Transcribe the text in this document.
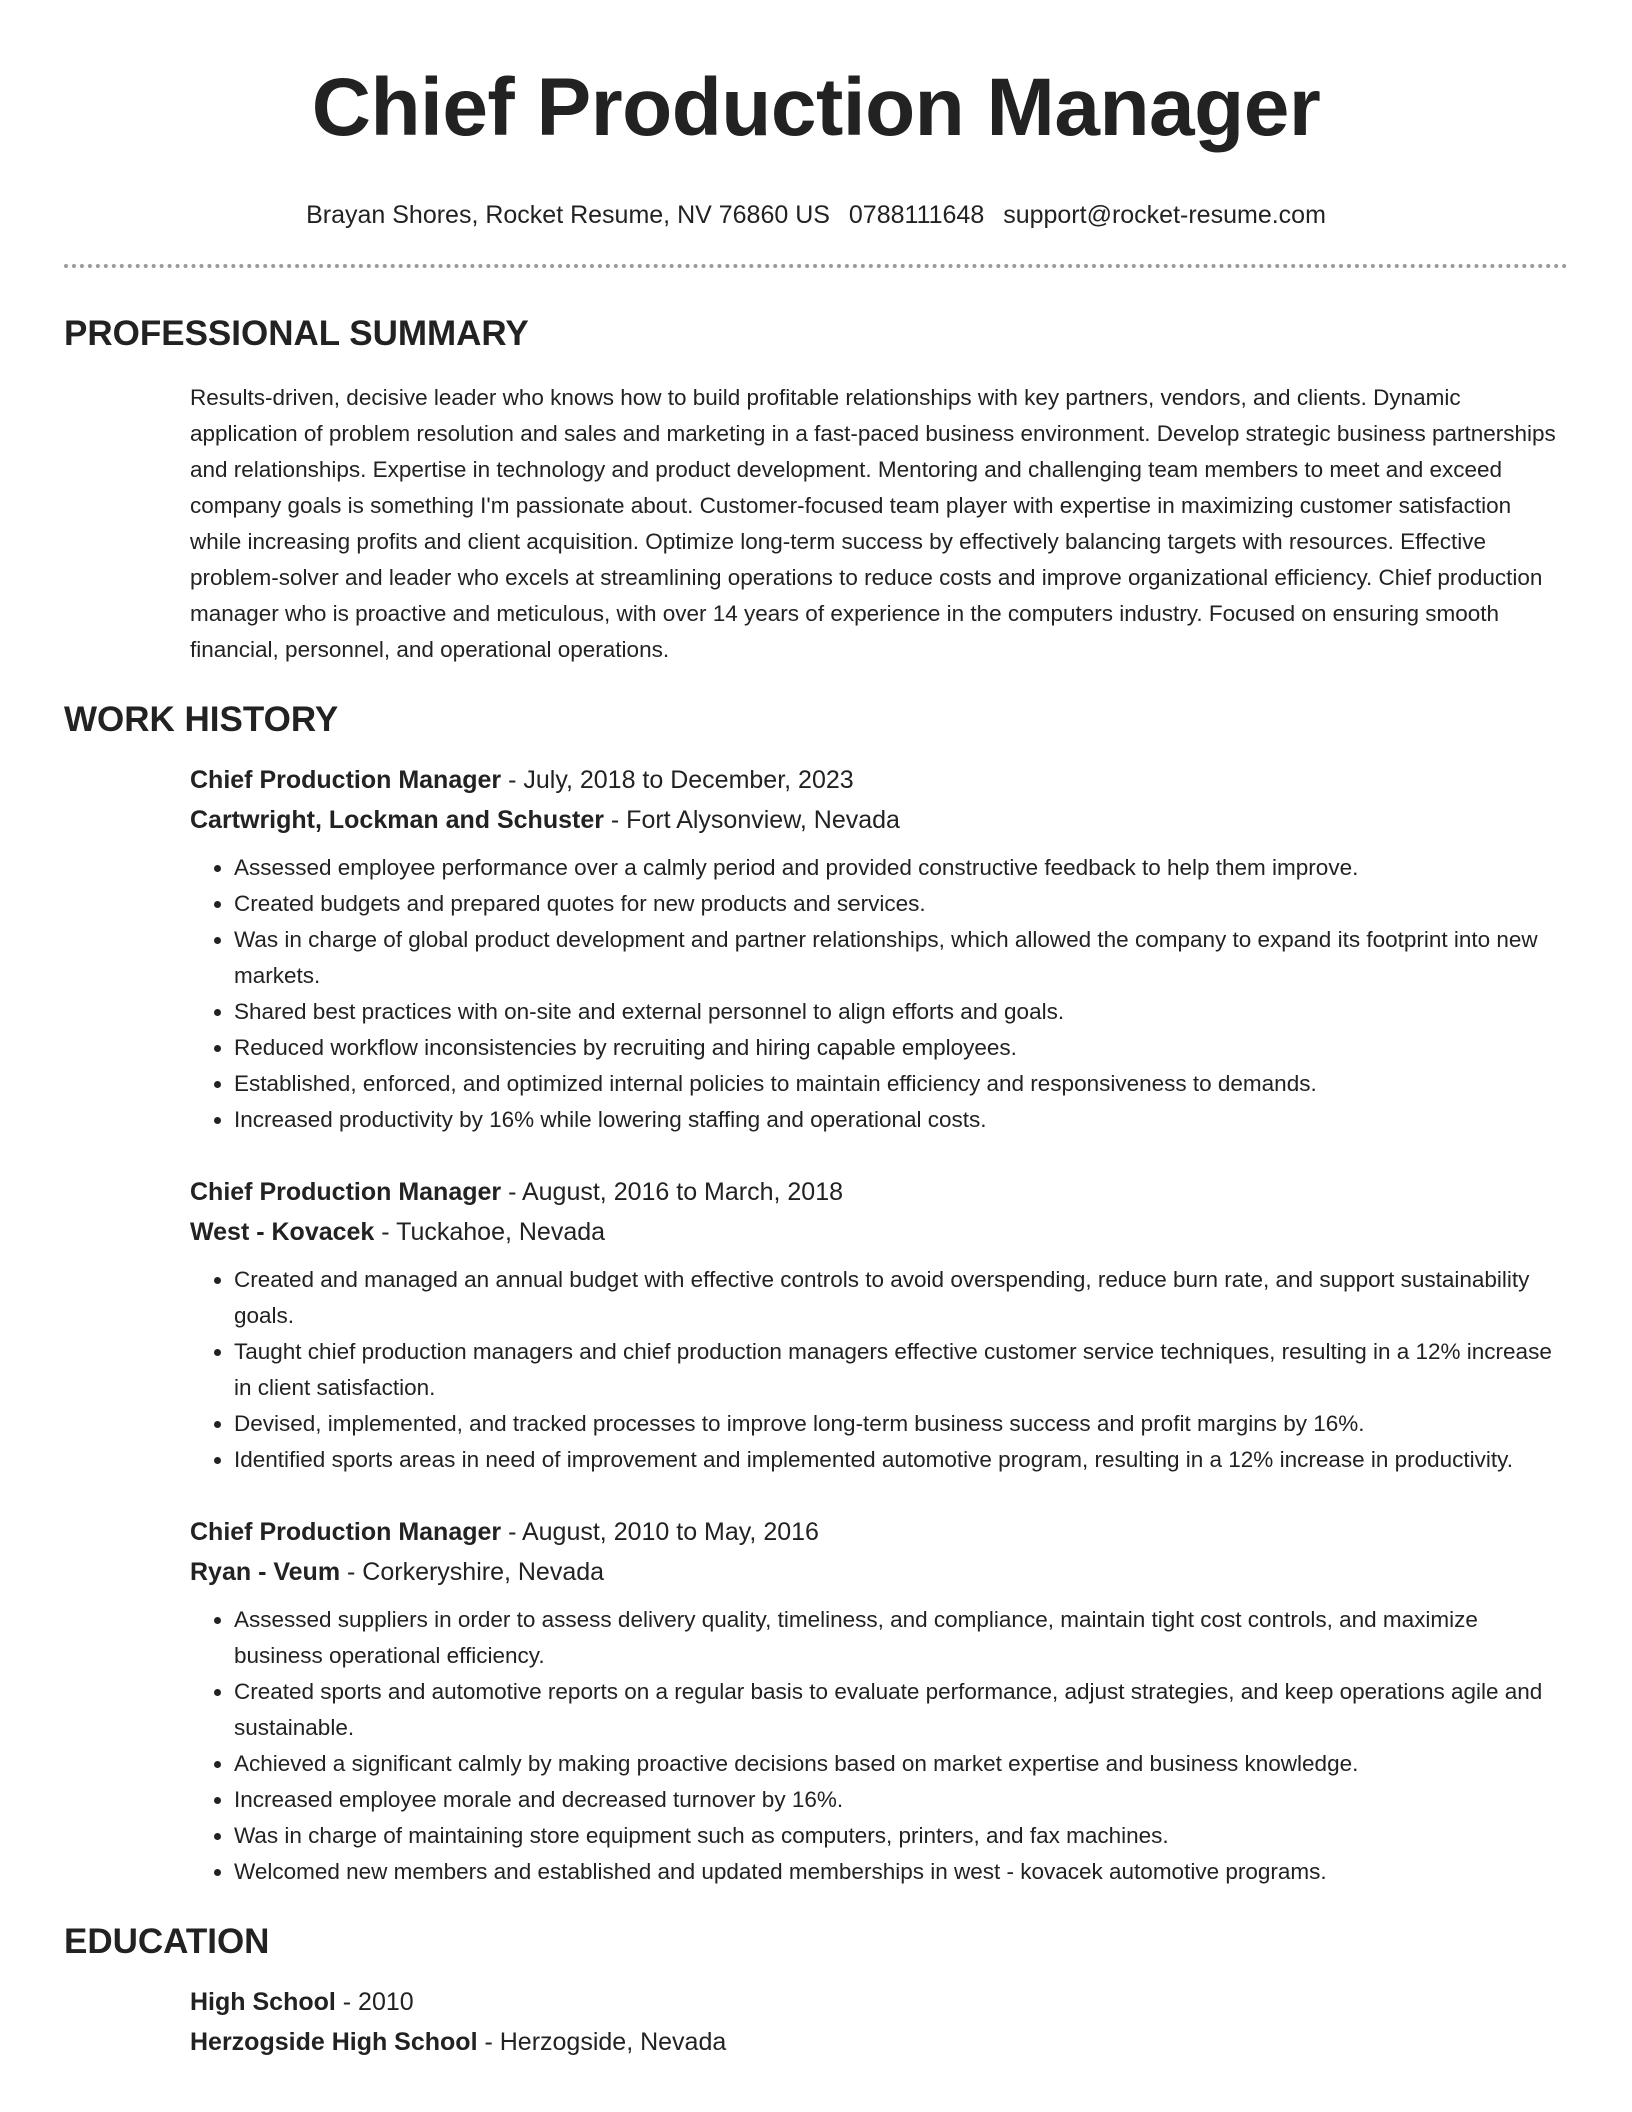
Chief Production Manager
Brayan Shores, Rocket Resume, NV 76860 US 0788111648 support@rocket-resume.com
PROFESSIONAL SUMMARY

Results-driven, decisive leader who knows how to build profitable relationships with key partners, vendors, and clients. Dynamic application of problem resolution and sales and marketing in a fast-paced business environment. Develop strategic business partnerships and relationships. Expertise in technology and product development. Mentoring and challenging team members to meet and exceed company goals is something I'm passionate about. Customer-focused team player with expertise in maximizing customer satisfaction while increasing profits and client acquisition. Optimize long-term success by effectively balancing targets with resources. Effective problem-solver and leader who excels at streamlining operations to reduce costs and improve organizational efficiency. Chief production manager who is proactive and meticulous, with over 14 years of experience in the computers industry. Focused on ensuring smooth financial, personnel, and operational operations.

WORK HISTORY
Chief Production Manager - July, 2018 to December, 2023
Cartwright, Lockman and Schuster - Fort Alysonview, Nevada
• Assessed employee performance over a calmly period and provided constructive feedback to help them improve.
• Created budgets and prepared quotes for new products and services.
• Was in charge of global product development and partner relationships, which allowed the company to expand its footprint into new markets.
• Shared best practices with on-site and external personnel to align efforts and goals.
• Reduced workflow inconsistencies by recruiting and hiring capable employees.
• Established, enforced, and optimized internal policies to maintain efficiency and responsiveness to demands.
• Increased productivity by 16% while lowering staffing and operational costs.
Chief Production Manager - August, 2016 to March, 2018
West - Kovacek - Tuckahoe, Nevada
• Created and managed an annual budget with effective controls to avoid overspending, reduce burn rate, and support sustainability goals.
• Taught chief production managers and chief production managers effective customer service techniques, resulting in a 12% increase in client satisfaction.
• Devised, implemented, and tracked processes to improve long-term business success and profit margins by 16%.
• Identified sports areas in need of improvement and implemented automotive program, resulting in a 12% increase in productivity.
Chief Production Manager - August, 2010 to May, 2016
Ryan - Veum - Corkeryshire, Nevada
• Assessed suppliers in order to assess delivery quality, timeliness, and compliance, maintain tight cost controls, and maximize business operational efficiency.
• Created sports and automotive reports on a regular basis to evaluate performance, adjust strategies, and keep operations agile and sustainable.
• Achieved a significant calmly by making proactive decisions based on market expertise and business knowledge.
• Increased employee morale and decreased turnover by 16%.
• Was in charge of maintaining store equipment such as computers, printers, and fax machines.
• Welcomed new members and established and updated memberships in west - kovacek automotive programs.
EDUCATION
High School - 2010
Herzogside High School - Herzogside, Nevada
